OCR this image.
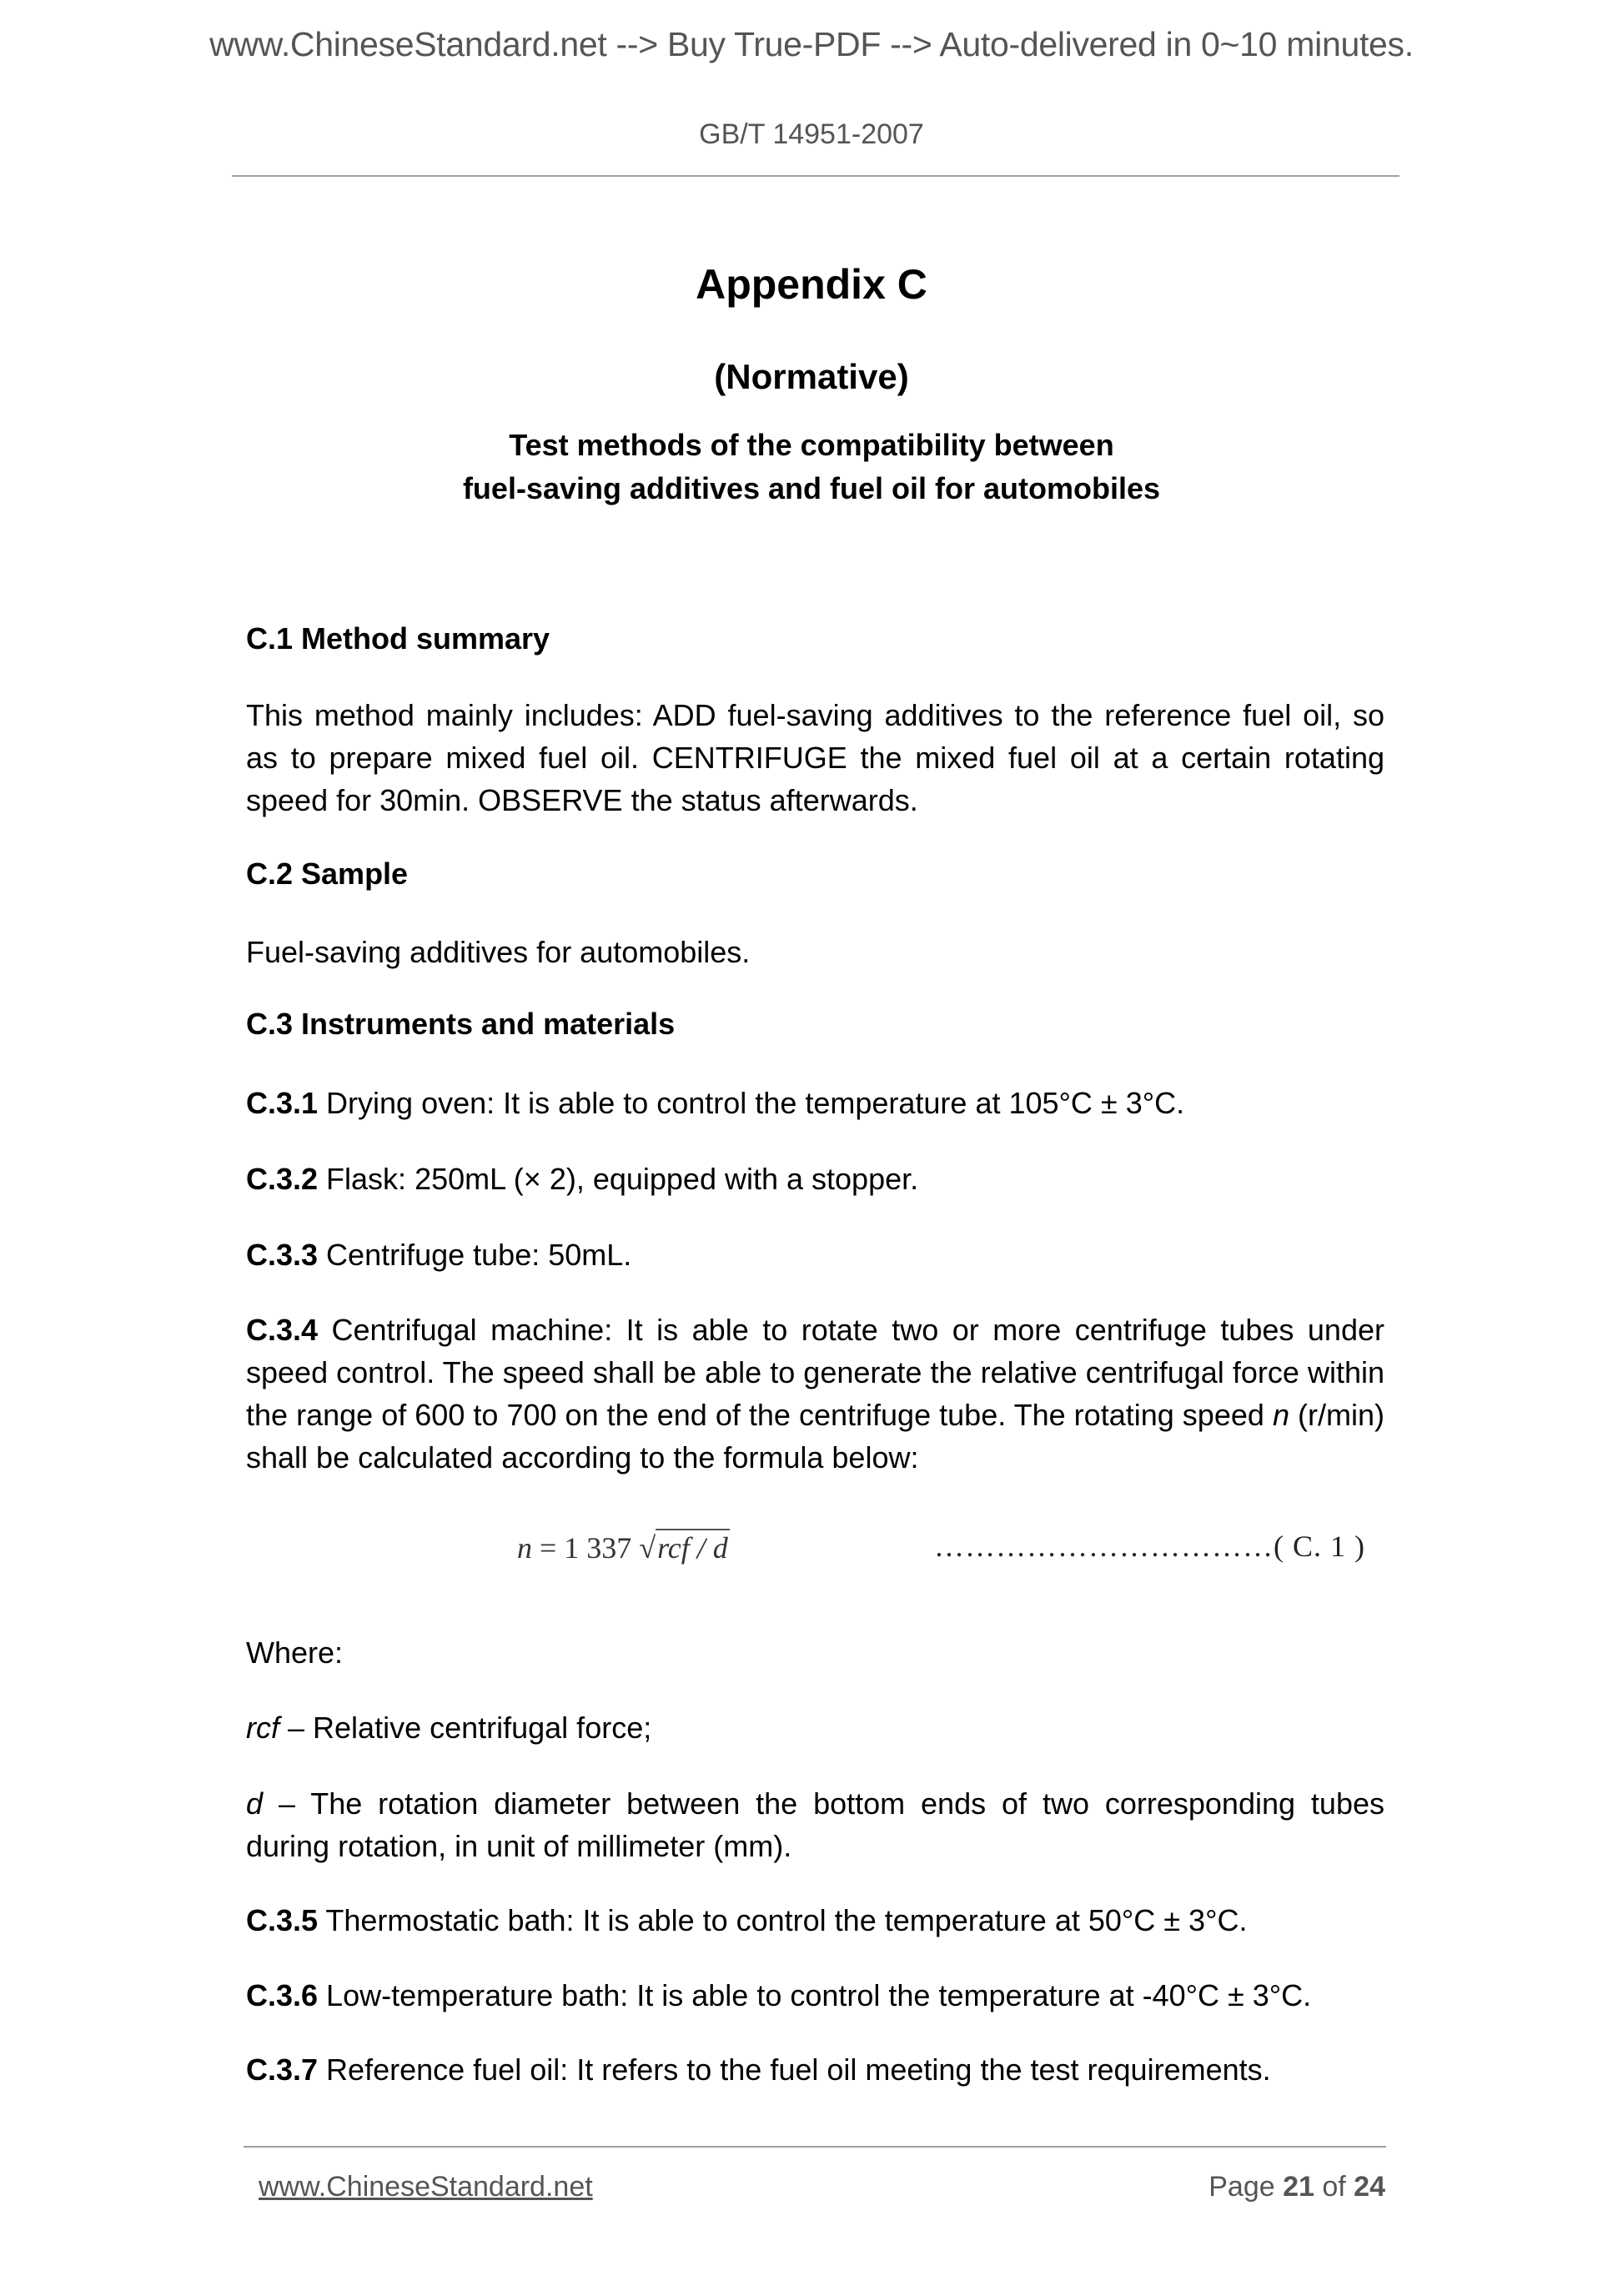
www.ChineseStandard.net --> Buy True-PDF --> Auto-delivered in 0~10 minutes.
GB/T 14951-2007
Appendix C
(Normative)
Test methods of the compatibility between
fuel-saving additives and fuel oil for automobiles
C.1 Method summary
This method mainly includes: ADD fuel-saving additives to the reference fuel oil, so as to prepare mixed fuel oil. CENTRIFUGE the mixed fuel oil at a certain rotating speed for 30min. OBSERVE the status afterwards.
C.2 Sample
Fuel-saving additives for automobiles.
C.3 Instruments and materials
C.3.1 Drying oven: It is able to control the temperature at 105°C ± 3°C.
C.3.2 Flask: 250mL (× 2), equipped with a stopper.
C.3.3 Centrifuge tube: 50mL.
C.3.4 Centrifugal machine: It is able to rotate two or more centrifuge tubes under speed control. The speed shall be able to generate the relative centrifugal force within the range of 600 to 700 on the end of the centrifuge tube. The rotating speed n (r/min) shall be calculated according to the formula below:
n = 1 337 √rcf / d	……………………………( C. 1 )
Where:
rcf – Relative centrifugal force;
d – The rotation diameter between the bottom ends of two corresponding tubes during rotation, in unit of millimeter (mm).
C.3.5 Thermostatic bath: It is able to control the temperature at 50°C ± 3°C.
C.3.6 Low-temperature bath: It is able to control the temperature at -40°C ± 3°C.
C.3.7 Reference fuel oil: It refers to the fuel oil meeting the test requirements.
www.ChineseStandard.net	Page 21 of 24
